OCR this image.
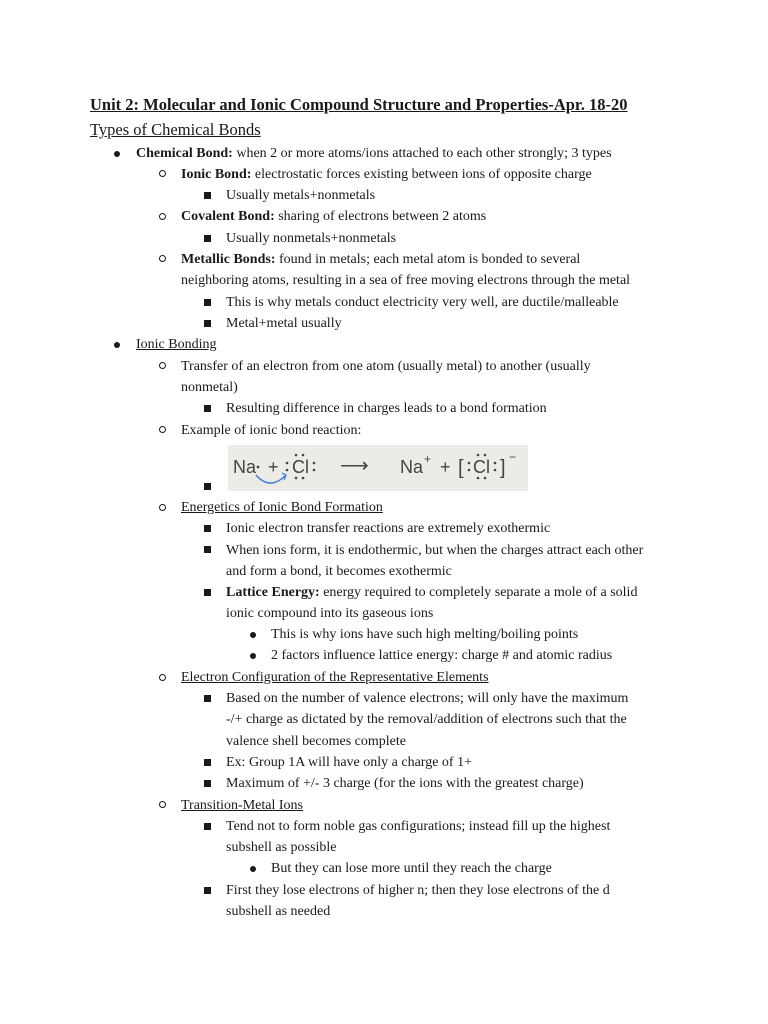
Unit 2: Molecular and Ionic Compound Structure and Properties-Apr. 18-20
Types of Chemical Bonds
Chemical Bond: when 2 or more atoms/ions attached to each other strongly; 3 types
Ionic Bond: electrostatic forces existing between ions of opposite charge
Usually metals+nonmetals
Covalent Bond: sharing of electrons between 2 atoms
Usually nonmetals+nonmetals
Metallic Bonds: found in metals; each metal atom is bonded to several
neighboring atoms, resulting in a sea of free moving electrons through the metal
This is why metals conduct electricity very well, are ductile/malleable
Metal+metal usually
Ionic Bonding
Transfer of an electron from one atom (usually metal) to another (usually
nonmetal)
Resulting difference in charges leads to a bond formation
Example of ionic bond reaction:
Na + Cl ⟶ Na + + [ Cl ] −
Energetics of Ionic Bond Formation
Ionic electron transfer reactions are extremely exothermic
When ions form, it is endothermic, but when the charges attract each other
and form a bond, it becomes exothermic
Lattice Energy: energy required to completely separate a mole of a solid
ionic compound into its gaseous ions
This is why ions have such high melting/boiling points
2 factors influence lattice energy: charge # and atomic radius
Electron Configuration of the Representative Elements
Based on the number of valence electrons; will only have the maximum
-/+ charge as dictated by the removal/addition of electrons such that the
valence shell becomes complete
Ex: Group 1A will have only a charge of 1+
Maximum of +/- 3 charge (for the ions with the greatest charge)
Transition-Metal Ions
Tend not to form noble gas configurations; instead fill up the highest
subshell as possible
But they can lose more until they reach the charge
First they lose electrons of higher n; then they lose electrons of the d
subshell as needed
